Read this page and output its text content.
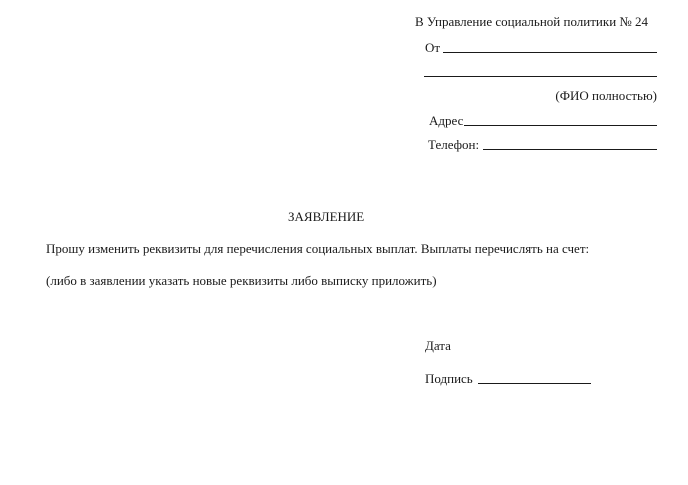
В Управление социальной политики № 24
От
(ФИО полностью)
Адрес
Телефон:
ЗАЯВЛЕНИЕ
Прошу изменить реквизиты для перечисления социальных выплат. Выплаты перечислять на счет:
(либо в заявлении указать новые реквизиты либо выписку приложить)
Дата
Подпись
